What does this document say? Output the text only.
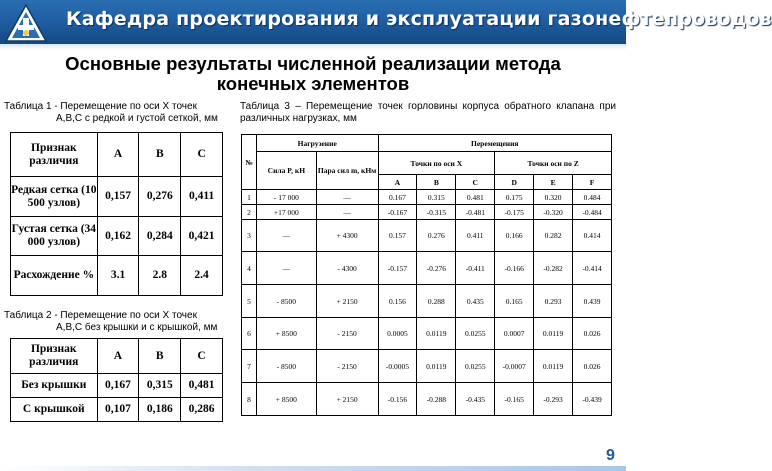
Кафедра проектирования и эксплуатации газонефтепроводов
Основные результаты численной реализации метода
конечных элементов
Таблица 1 - Перемещение по оси X точек
A,B,C с редкой и густой сеткой, мм
Признак различия	A	B	C
Редкая сетка (10 500 узлов)	0,157	0,276	0,411
Густая сетка (34 000 узлов)	0,162	0,284	0,421
Расхождение %	3.1	2.8	2.4
Таблица 2 - Перемещение по оси X точек
A,B,C без крышки и с крышкой, мм
Признак различия	A	B	C
Без крышки	0,167	0,315	0,481
С крышкой	0,107	0,186	0,286
Таблица 3 – Перемещение точек горловины корпуса обратного клапана при различных нагрузках, мм
№	Нагрузение		Перемещения					
	Сила P, кН	Пара сил m, кНм	Точки по оси X			Точки оси по Z		
			A	B	C	D	E	F
1	- 17 000	—	0.167	0.315	0.481	0.175	0.320	0.484
2	+17 000	—	-0.167	-0.315	-0.481	-0.175	-0.320	-0.484
3	—	+ 4300	0.157	0.276	0.411	0.166	0.282	0.414
4	—	- 4300	-0.157	-0.276	-0.411	-0.166	-0.282	-0.414
5	- 8500	+ 2150	0.156	0.288	0.435	0.165	0.293	0.439
6	+ 8500	- 2150	0.0005	0.0119	0.0255	0.0007	0.0119	0.026
7	- 8500	- 2150	-0.0005	0.0119	0.0255	-0.0007	0.0119	0.026
8	+ 8500	+ 2150	-0.156	-0.288	-0.435	-0.165	-0.293	-0.439
9
